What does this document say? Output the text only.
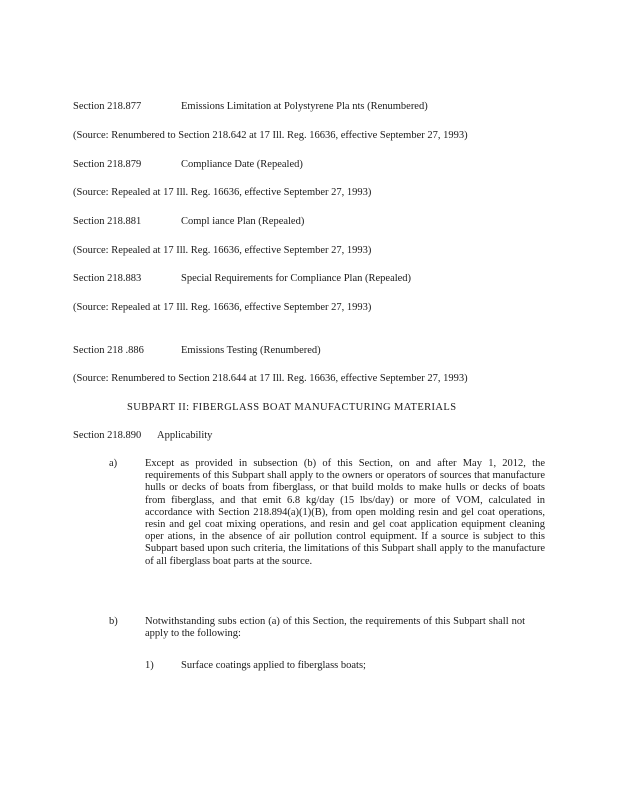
Section 218.877	Emissions Limitation at Polystyrene Pla nts (Renumbered)
(Source: Renumbered to Section 218.642 at 17 Ill. Reg. 16636, effective September 27, 1993)
Section 218.879	Compliance Date (Repealed)
(Source: Repealed at 17 Ill. Reg. 16636, effective September 27, 1993)
Section 218.881	Compl iance Plan (Repealed)
(Source: Repealed at 17 Ill. Reg. 16636, effective September 27, 1993)
Section 218.883	Special Requirements for Compliance Plan (Repealed)
(Source: Repealed at 17 Ill. Reg. 16636, effective September 27, 1993)
Section 218 .886	Emissions Testing (Renumbered)
(Source: Renumbered to Section 218.644 at 17 Ill. Reg. 16636, effective September 27, 1993)
SUBPART II: FIBERGLASS BOAT MANUFACTURING MATERIALS
Section 218.890 Applicability
a)	Except as provided in subsection (b) of this Section, on and after May 1, 2012, the requirements of this Subpart shall apply to the owners or operators of sources that manufacture hulls or decks of boats from fiberglass, or that build molds to make hulls or decks of boats from fiberglass, and that emit 6.8 kg/day (15 lbs/day) or more of VOM, calculated in accordance with Section 218.894(a)(1)(B), from open molding resin and gel coat operations, resin and gel coat mixing operations, and resin and gel coat application equipment cleaning oper ations, in the absence of air pollution control equipment. If a source is subject to this Subpart based upon such criteria, the limitations of this Subpart shall apply to the manufacture of all fiberglass boat parts at the source.
b)	Notwithstanding subs ection (a) of this Section, the requirements of this Subpart shall not apply to the following:
1)	Surface coatings applied to fiberglass boats;
